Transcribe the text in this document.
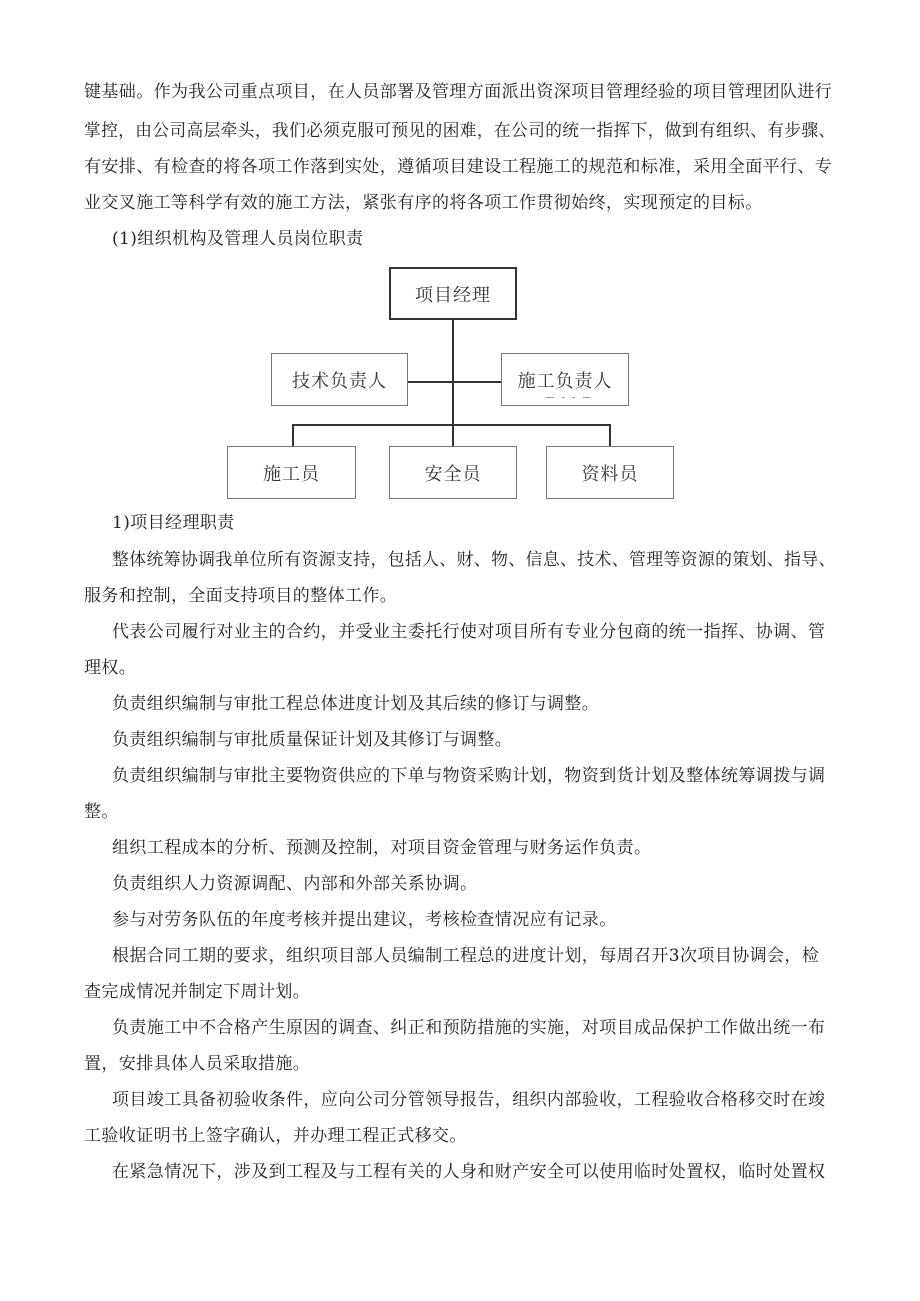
键基础。作为我公司重点项目，在人员部署及管理方面派出资深项目管理经验的项目管理团队进行
掌控，由公司高层牵头，我们必须克服可预见的困难，在公司的统一指挥下，做到有组织、有步骤、
有安排、有检查的将各项工作落到实处，遵循项目建设工程施工的规范和标准，采用全面平行、专
业交叉施工等科学有效的施工方法，紧张有序的将各项工作贯彻始终，实现预定的目标。
(1)组织机构及管理人员岗位职责
项目经理
技术负责人	施工负责人
施工员	安全员	资料员
1)项目经理职责
整体统筹协调我单位所有资源支持，包括人、财、物、信息、技术、管理等资源的策划、指导、
服务和控制，全面支持项目的整体工作。
代表公司履行对业主的合约，并受业主委托行使对项目所有专业分包商的统一指挥、协调、管
理权。
负责组织编制与审批工程总体进度计划及其后续的修订与调整。
负责组织编制与审批质量保证计划及其修订与调整。
负责组织编制与审批主要物资供应的下单与物资采购计划，物资到货计划及整体统筹调拨与调
整。
组织工程成本的分析、预测及控制，对项目资金管理与财务运作负责。
负责组织人力资源调配、内部和外部关系协调。
参与对劳务队伍的年度考核并提出建议，考核检查情况应有记录。
根据合同工期的要求，组织项目部人员编制工程总的进度计划，每周召开3次项目协调会，检
查完成情况并制定下周计划。
负责施工中不合格产生原因的调查、纠正和预防措施的实施，对项目成品保护工作做出统一布
置，安排具体人员采取措施。
项目竣工具备初验收条件，应向公司分管领导报告，组织内部验收，工程验收合格移交时在竣
工验收证明书上签字确认，并办理工程正式移交。
在紧急情况下，涉及到工程及与工程有关的人身和财产安全可以使用临时处置权，临时处置权
